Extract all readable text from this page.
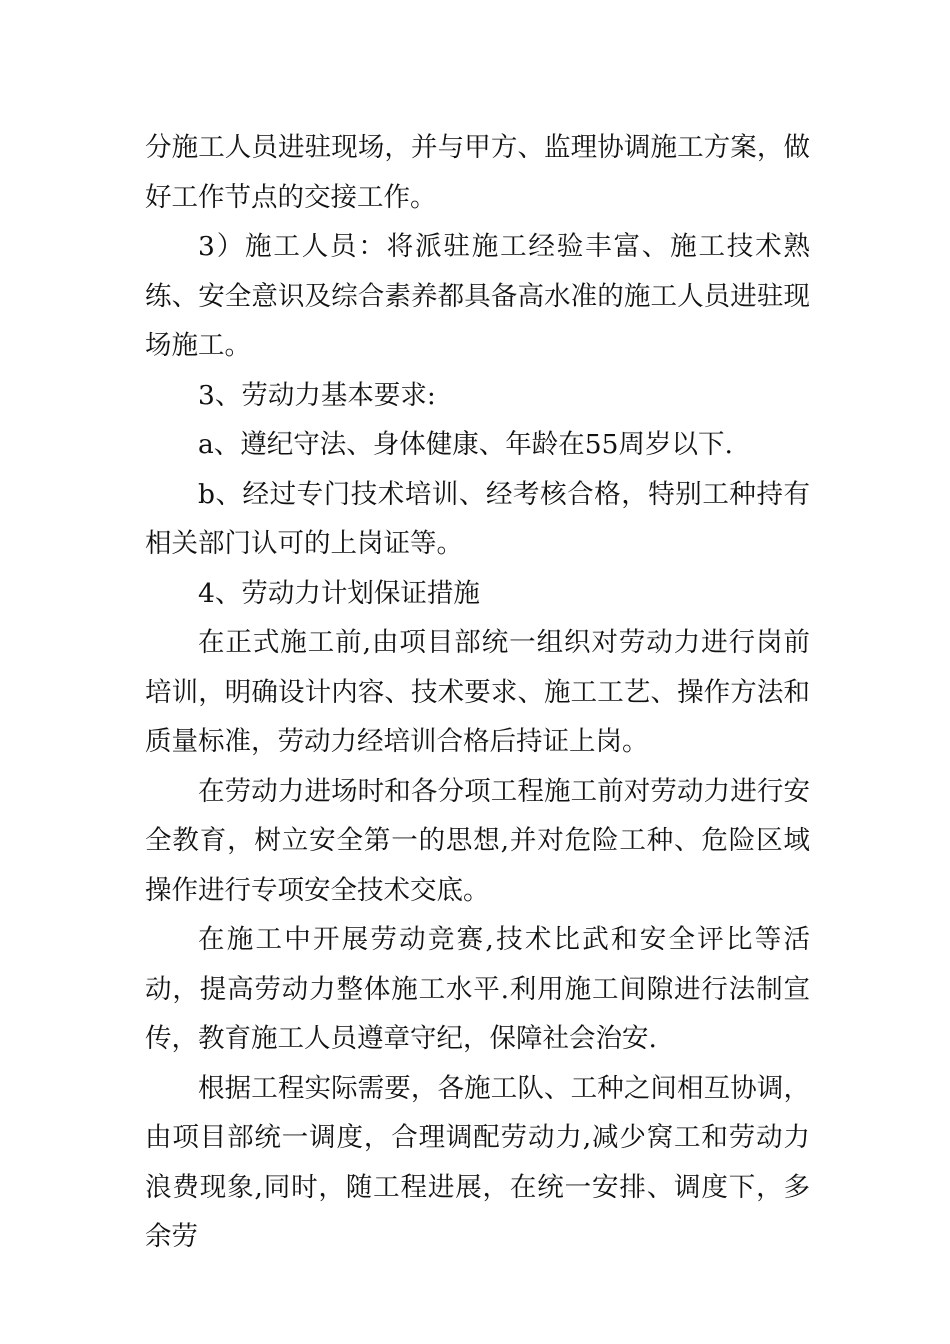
分施工人员进驻现场，并与甲方、监理协调施工方案，做好工作节点的交接工作。

3）施工人员：将派驻施工经验丰富、施工技术熟练、安全意识及综合素养都具备高水准的施工人员进驻现场施工。

3、劳动力基本要求:

a、遵纪守法、身体健康、年龄在55周岁以下.

b、经过专门技术培训、经考核合格，特别工种持有相关部门认可的上岗证等。

4、劳动力计划保证措施

在正式施工前,由项目部统一组织对劳动力进行岗前培训，明确设计内容、技术要求、施工工艺、操作方法和质量标准，劳动力经培训合格后持证上岗。

在劳动力进场时和各分项工程施工前对劳动力进行安全教育，树立安全第一的思想,并对危险工种、危险区域操作进行专项安全技术交底。

在施工中开展劳动竞赛,技术比武和安全评比等活动，提高劳动力整体施工水平.利用施工间隙进行法制宣传，教育施工人员遵章守纪，保障社会治安.

根据工程实际需要，各施工队、工种之间相互协调，由项目部统一调度，合理调配劳动力,减少窝工和劳动力浪费现象,同时，随工程进展，在统一安排、调度下，多余劳
